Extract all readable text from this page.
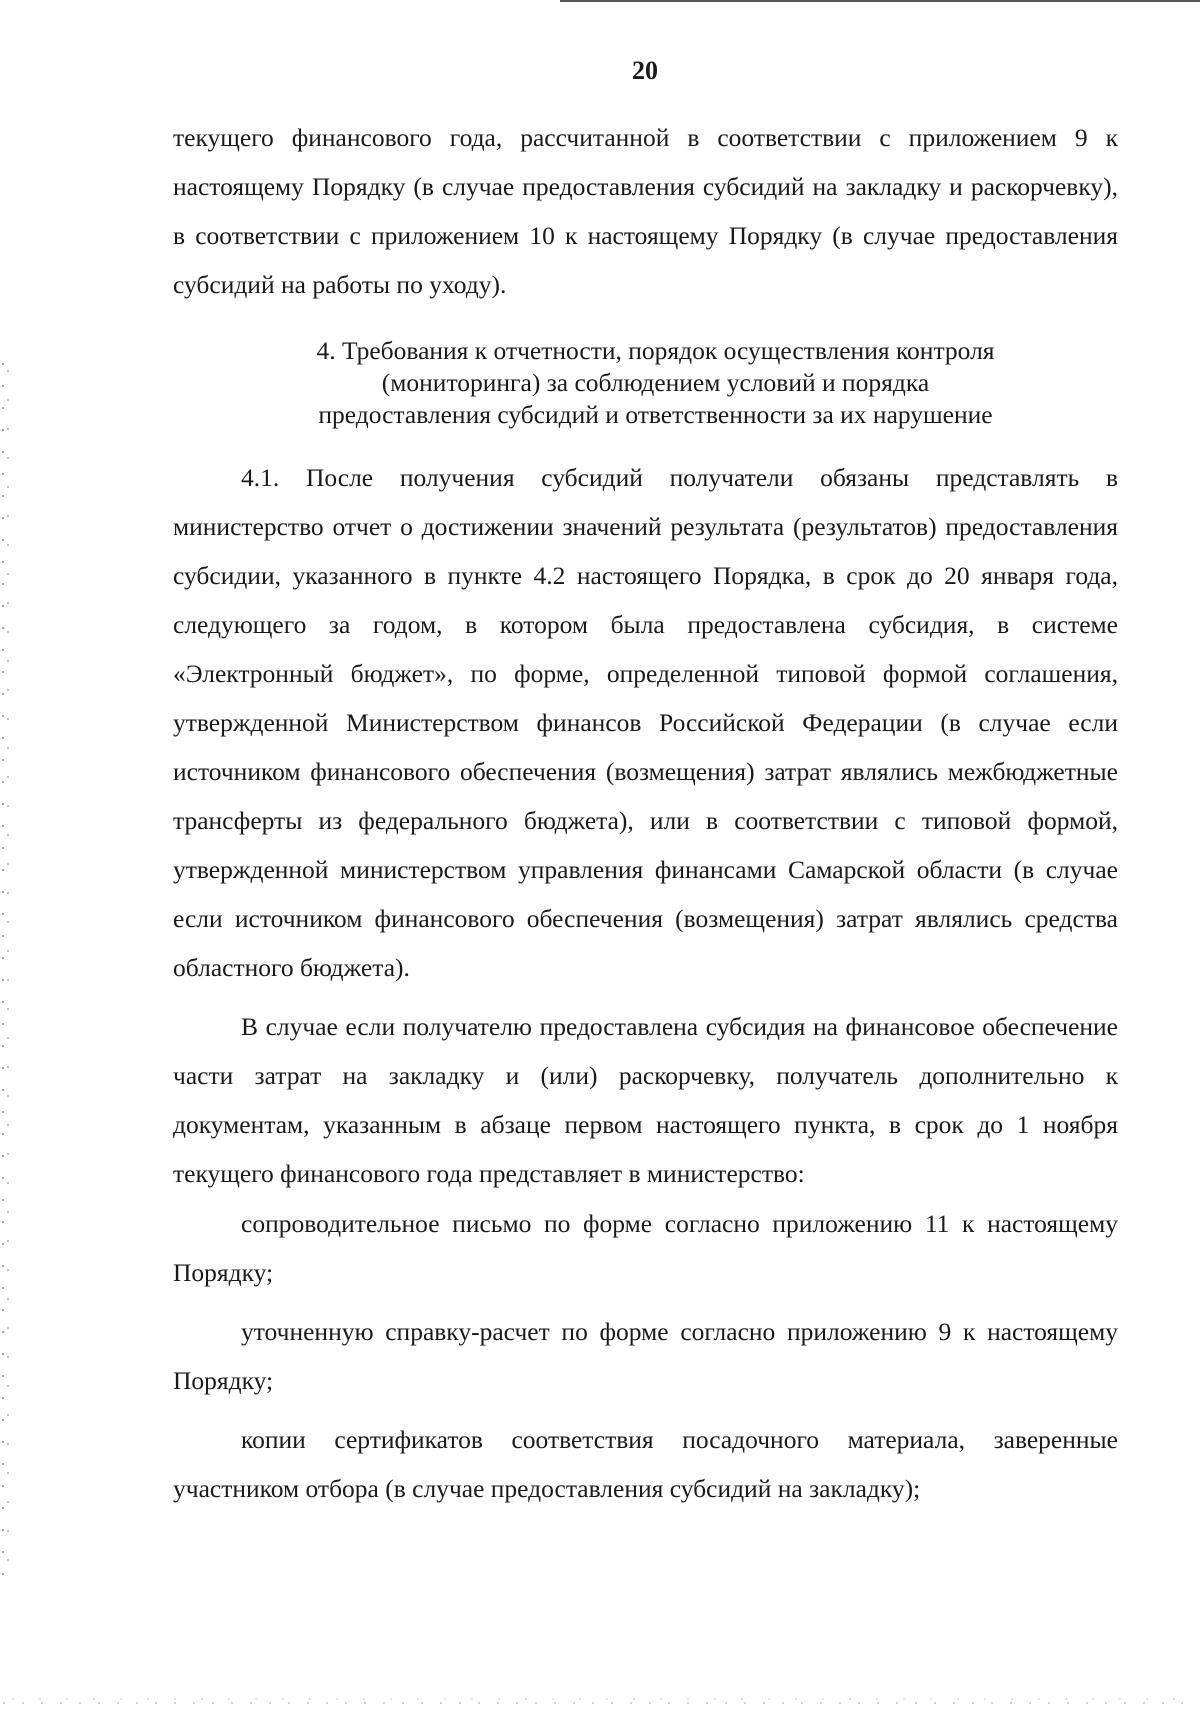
20

текущего финансового года, рассчитанной в соответствии с приложением 9 к настоящему Порядку (в случае предоставления субсидий на закладку и раскорчевку), в соответствии с приложением 10 к настоящему Порядку (в случае предоставления субсидий на работы по уходу).

4. Требования к отчетности, порядок осуществления контроля
(мониторинга) за соблюдением условий и порядка
предоставления субсидий и ответственности за их нарушение

4.1. После получения субсидий получатели обязаны представлять в министерство отчет о достижении значений результата (результатов) предоставления субсидии, указанного в пункте 4.2 настоящего Порядка, в срок до 20 января года, следующего за годом, в котором была предоставлена субсидия, в системе «Электронный бюджет», по форме, определенной типовой формой соглашения, утвержденной Министерством финансов Российской Федерации (в случае если источником финансового обеспечения (возмещения) затрат являлись межбюджетные трансферты из федерального бюджета), или в соответствии с типовой формой, утвержденной министерством управления финансами Самарской области (в случае если источником финансового обеспечения (возмещения) затрат являлись средства областного бюджета).

В случае если получателю предоставлена субсидия на финансовое обеспечение части затрат на закладку и (или) раскорчевку, получатель дополнительно к документам, указанным в абзаце первом настоящего пункта, в срок до 1 ноября текущего финансового года представляет в министерство:

сопроводительное письмо по форме согласно приложению 11 к настоящему Порядку;

уточненную справку-расчет по форме согласно приложению 9 к настоящему Порядку;

копии сертификатов соответствия посадочного материала, заверенные участником отбора (в случае предоставления субсидий на закладку);
